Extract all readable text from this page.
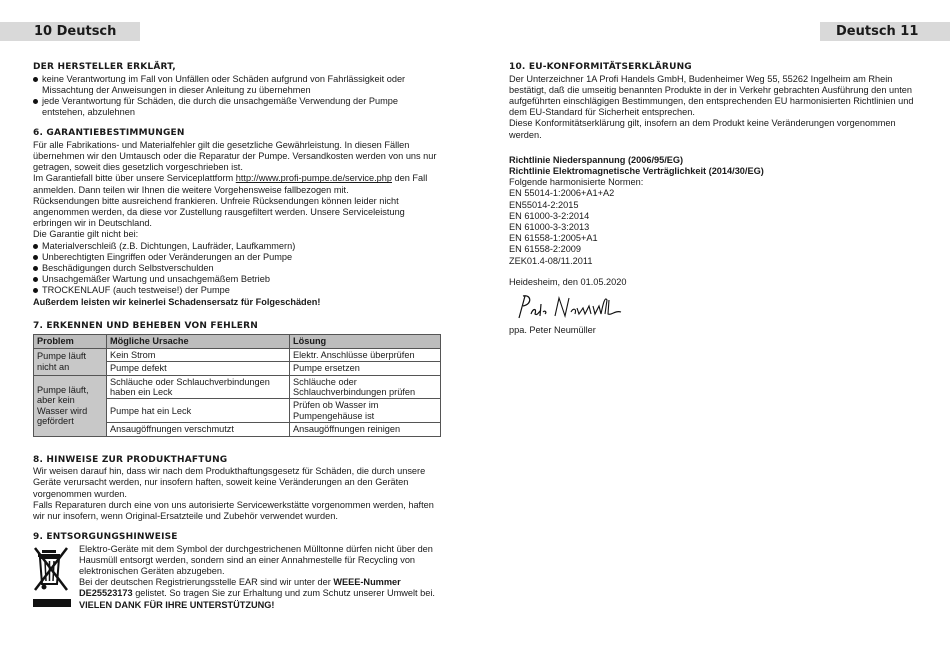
10 Deutsch	Deutsch 11

DER HERSTELLER ERKLÄRT,

keine Verantwortung im Fall von Unfällen oder Schäden aufgrund von Fahrlässigkeit oder Missachtung der Anweisungen in dieser Anleitung zu übernehmen
jede Verantwortung für Schäden, die durch die unsachgemäße Verwendung der Pumpe entstehen, abzulehnen

6. GARANTIEBESTIMMUNGEN

Für alle Fabrikations- und Materialfehler gilt die gesetzliche Gewährleistung. In diesen Fällen übernehmen wir den Umtausch oder die Reparatur der Pumpe. Versandkosten werden von uns nur getragen, soweit dies gesetzlich vorgeschrieben ist.

Im Garantiefall bitte über unsere Serviceplattform http://www.profi-pumpe.de/service.php den Fall anmelden. Dann teilen wir Ihnen die weitere Vorgehensweise fallbezogen mit.

Rücksendungen bitte ausreichend frankieren. Unfreie Rücksendungen können leider nicht angenommen werden, da diese vor Zustellung rausgefiltert werden. Unsere Serviceleistung erbringen wir in Deutschland.

Die Garantie gilt nicht bei:

Materialverschleiß (z.B. Dichtungen, Laufräder, Laufkammern)
Unberechtigten Eingriffen oder Veränderungen an der Pumpe
Beschädigungen durch Selbstverschulden
Unsachgemäßer Wartung und unsachgemäßem Betrieb
TROCKENLAUF (auch testweise!) der Pumpe

Außerdem leisten wir keinerlei Schadensersatz für Folgeschäden!

7. ERKENNEN UND BEHEBEN VON FEHLERN

Problem	Mögliche Ursache	Lösung
Pumpe läuft nicht an	Kein Strom	Elektr. Anschlüsse überprüfen
	Pumpe defekt	Pumpe ersetzen
Pumpe läuft, aber kein Wasser wird gefördert	Schläuche oder Schlauchverbindungen haben ein Leck	Schläuche oder Schlauchverbindungen prüfen
	Pumpe hat ein Leck	Prüfen ob Wasser im Pumpengehäuse ist
	Ansaugöffnungen verschmutzt	Ansaugöffnungen reinigen

8. HINWEISE ZUR PRODUKTHAFTUNG

Wir weisen darauf hin, dass wir nach dem Produkthaftungsgesetz für Schäden, die durch unsere Geräte verursacht werden, nur insofern haften, soweit keine Veränderungen an den Geräten vorgenommen wurden.

Falls Reparaturen durch eine von uns autorisierte Servicewerkstätte vorgenommen werden, haften wir nur insofern, wenn Original-Ersatzteile und Zubehör verwendet wurden.

9. ENTSORGUNGSHINWEISE

Elektro-Geräte mit dem Symbol der durchgestrichenen Mülltonne dürfen nicht über den Hausmüll entsorgt werden, sondern sind an einer Annahmestelle für Recycling von elektronischen Geräten abzugeben.

Bei der deutschen Registrierungsstelle EAR sind wir unter der WEEE-Nummer DE25523173 gelistet. So tragen Sie zur Erhaltung und zum Schutz unserer Umwelt bei.

VIELEN DANK FÜR IHRE UNTERSTÜTZUNG!

10. EU-KONFORMITÄTSERKLÄRUNG

Der Unterzeichner 1A Profi Handels GmbH, Budenheimer Weg 55, 55262 Ingelheim am Rhein bestätigt, daß die umseitig benannten Produkte in der in Verkehr gebrachten Ausführung den unten aufgeführten einschlägigen Bestimmungen, den entsprechenden EU harmonisierten Richtlinien und dem EU-Standard für Sicherheit entsprechen.

Diese Konformitätserklärung gilt, insofern an dem Produkt keine Veränderungen vorgenommen werden.

Richtlinie Niederspannung (2006/95/EG)

Richtlinie Elektromagnetische Verträglichkeit (2014/30/EG)

Folgende harmonisierte Normen:

EN 55014-1:2006+A1+A2

EN55014-2:2015

EN 61000-3-2:2014

EN 61000-3-3:2013

EN 61558-1:2005+A1

EN 61558-2:2009

ZEK01.4-08/11.2011

Heidesheim, den 01.05.2020

ppa. Peter Neumüller
